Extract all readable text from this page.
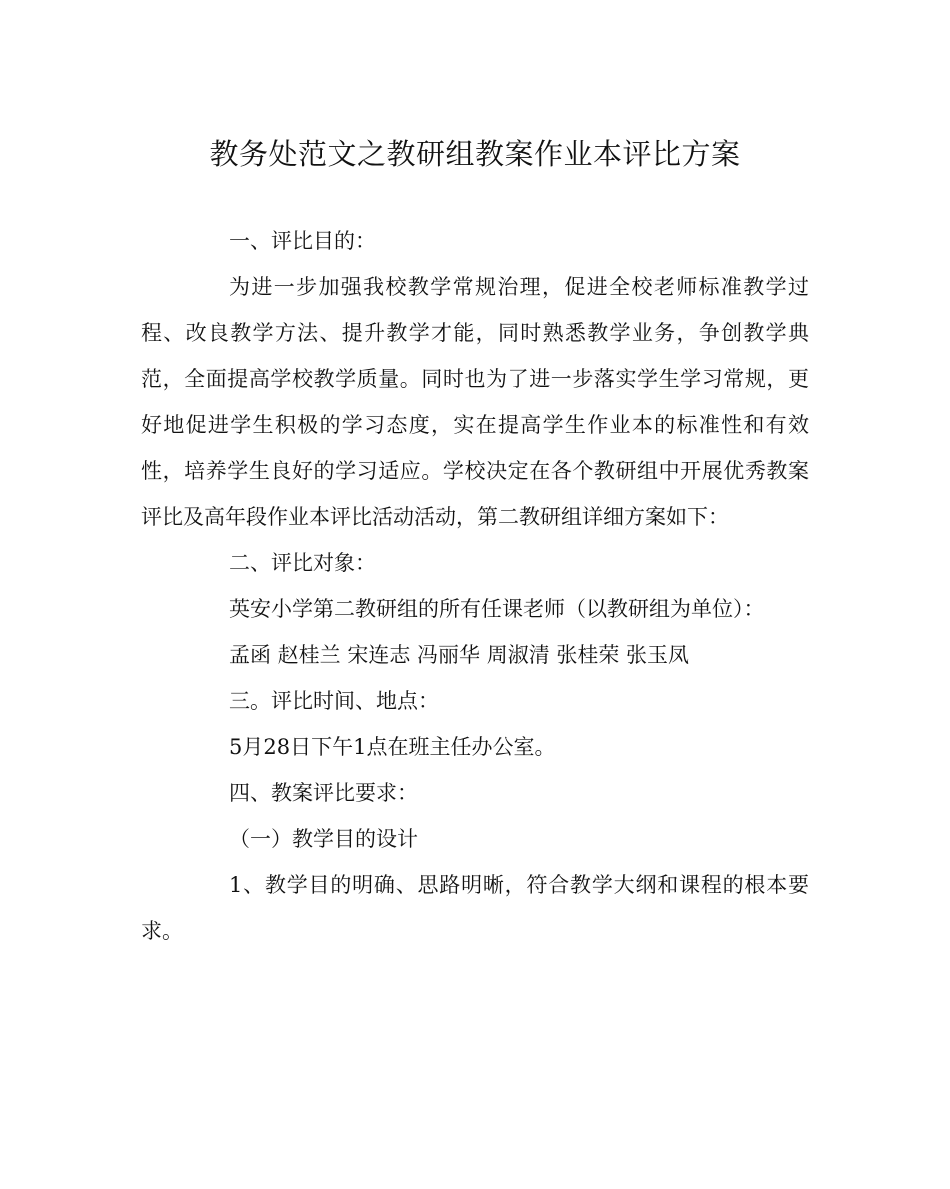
教务处范文之教研组教案作业本评比方案

一、评比目的：

为进一步加强我校教学常规治理，促进全校老师标准教学过程、改良教学方法、提升教学才能，同时熟悉教学业务，争创教学典范，全面提高学校教学质量。同时也为了进一步落实学生学习常规，更好地促进学生积极的学习态度，实在提高学生作业本的标准性和有效性，培养学生良好的学习适应。学校决定在各个教研组中开展优秀教案评比及高年段作业本评比活动活动，第二教研组详细方案如下：

二、评比对象：

英安小学第二教研组的所有任课老师（以教研组为单位）：

孟函 赵桂兰 宋连志 冯丽华 周淑清 张桂荣 张玉凤

三。评比时间、地点：

5月28日下午1点在班主任办公室。

四、教案评比要求：

（一）教学目的设计

1、教学目的明确、思路明晰，符合教学大纲和课程的根本要求。
